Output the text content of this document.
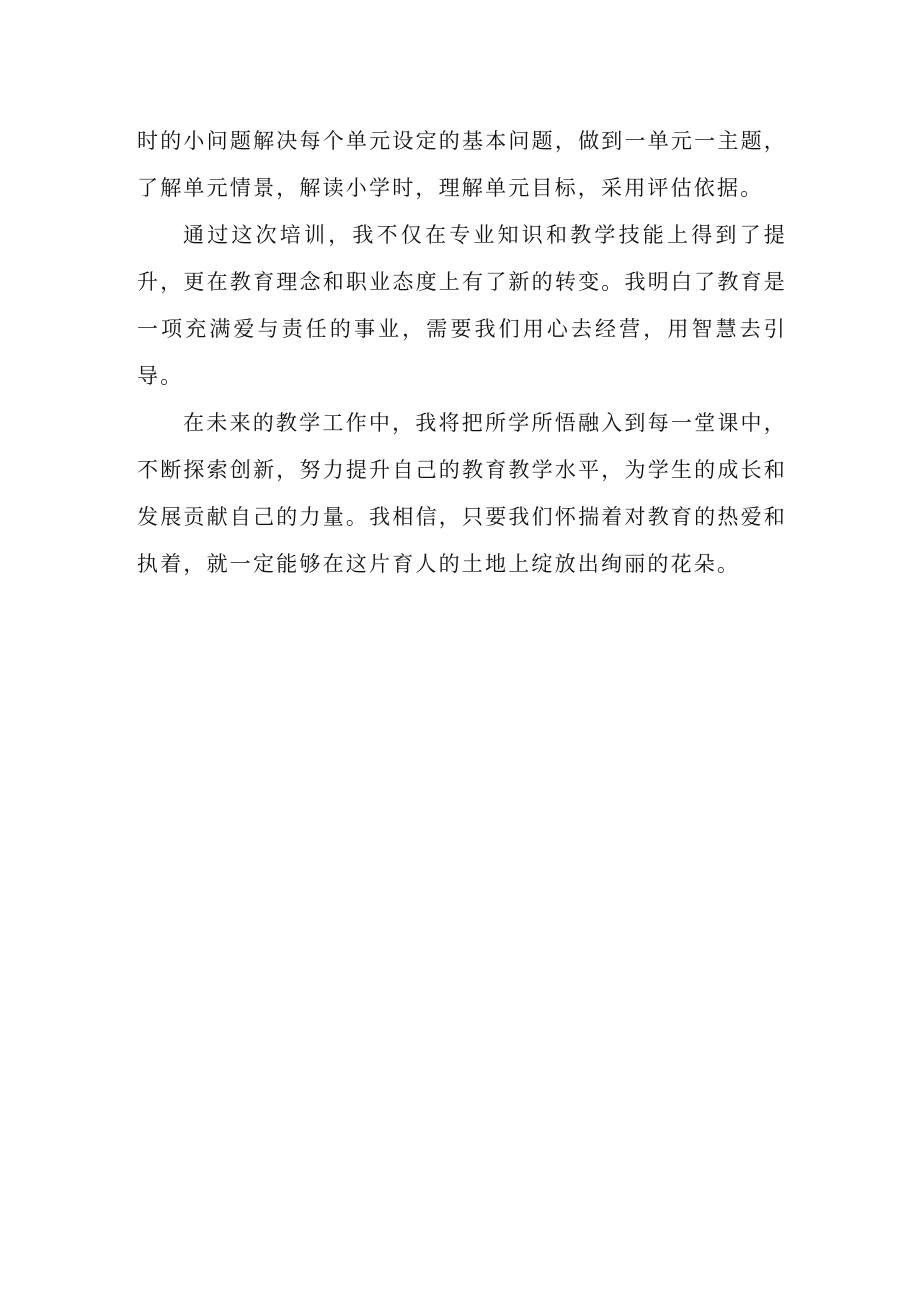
时的小问题解决每个单元设定的基本问题，做到一单元一主题，了解单元情景，解读小学时，理解单元目标，采用评估依据。

通过这次培训，我不仅在专业知识和教学技能上得到了提升，更在教育理念和职业态度上有了新的转变。我明白了教育是一项充满爱与责任的事业，需要我们用心去经营，用智慧去引导。

在未来的教学工作中，我将把所学所悟融入到每一堂课中，不断探索创新，努力提升自己的教育教学水平，为学生的成长和发展贡献自己的力量。我相信，只要我们怀揣着对教育的热爱和执着，就一定能够在这片育人的土地上绽放出绚丽的花朵。
